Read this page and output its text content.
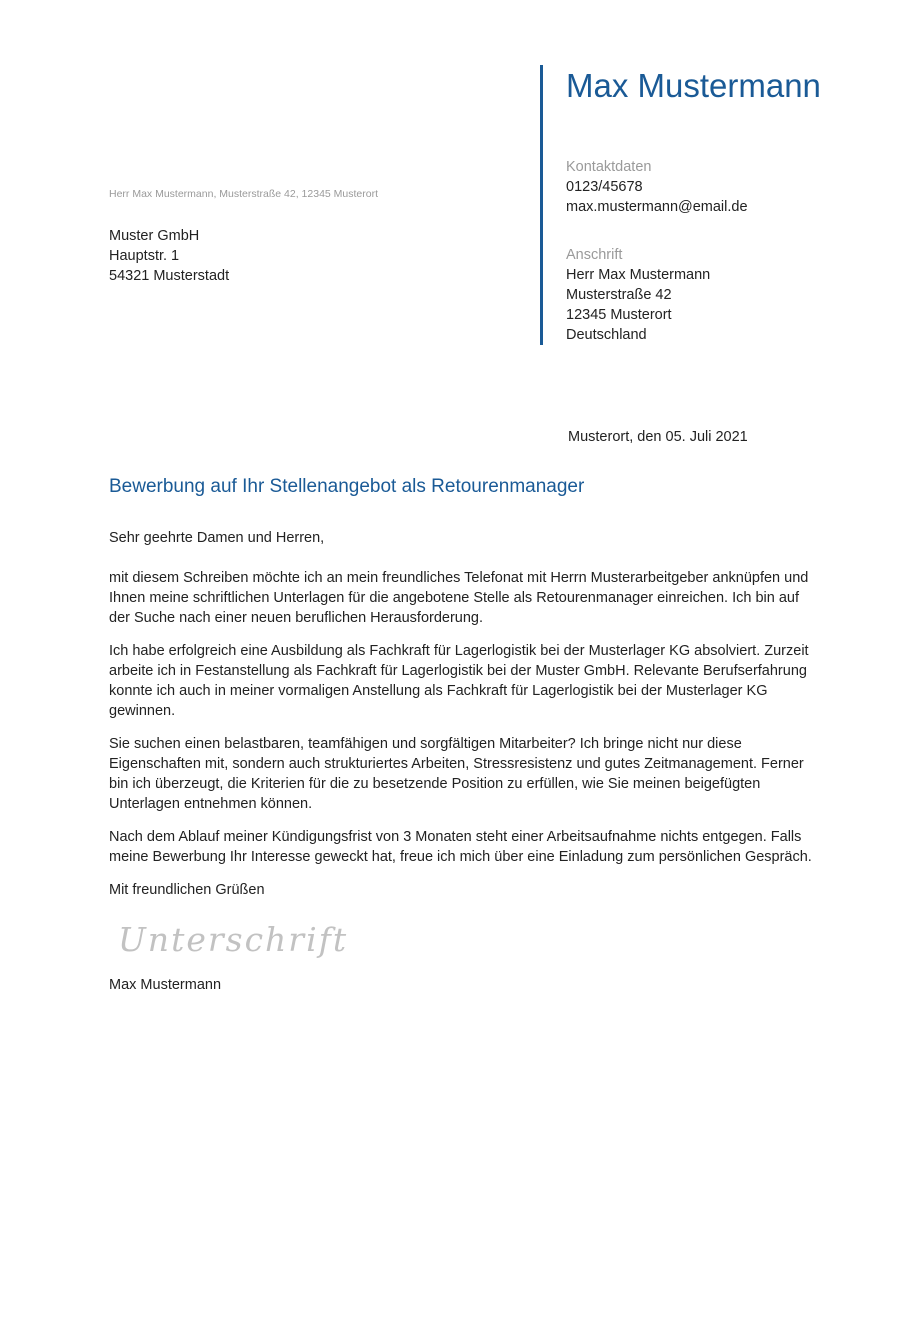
Max Mustermann
Kontaktdaten
0123/45678
max.mustermann@email.de
Anschrift
Herr Max Mustermann
Musterstraße 42
12345 Musterort
Deutschland
Herr Max Mustermann, Musterstraße 42, 12345 Musterort
Muster GmbH
Hauptstr. 1
54321 Musterstadt
Musterort, den 05. Juli 2021
Bewerbung auf Ihr Stellenangebot als Retourenmanager

Sehr geehrte Damen und Herren,

mit diesem Schreiben möchte ich an mein freundliches Telefonat mit Herrn Musterarbeitgeber anknüpfen und Ihnen meine schriftlichen Unterlagen für die angebotene Stelle als Retourenmanager einreichen. Ich bin auf der Suche nach einer neuen beruflichen Herausforderung.

Ich habe erfolgreich eine Ausbildung als Fachkraft für Lagerlogistik bei der Musterlager KG absolviert. Zurzeit arbeite ich in Festanstellung als Fachkraft für Lagerlogistik bei der Muster GmbH. Relevante Berufserfahrung konnte ich auch in meiner vormaligen Anstellung als Fachkraft für Lagerlogistik bei der Musterlager KG gewinnen.

Sie suchen einen belastbaren, teamfähigen und sorgfältigen Mitarbeiter? Ich bringe nicht nur diese Eigenschaften mit, sondern auch strukturiertes Arbeiten, Stressresistenz und gutes Zeitmanagement. Ferner bin ich überzeugt, die Kriterien für die zu besetzende Position zu erfüllen, wie Sie meinen beigefügten Unterlagen entnehmen können.

Nach dem Ablauf meiner Kündigungsfrist von 3 Monaten steht einer Arbeitsaufnahme nichts entgegen. Falls meine Bewerbung Ihr Interesse geweckt hat, freue ich mich über eine Einladung zum persönlichen Gespräch.

Mit freundlichen Grüßen

Unterschrift
Max Mustermann
